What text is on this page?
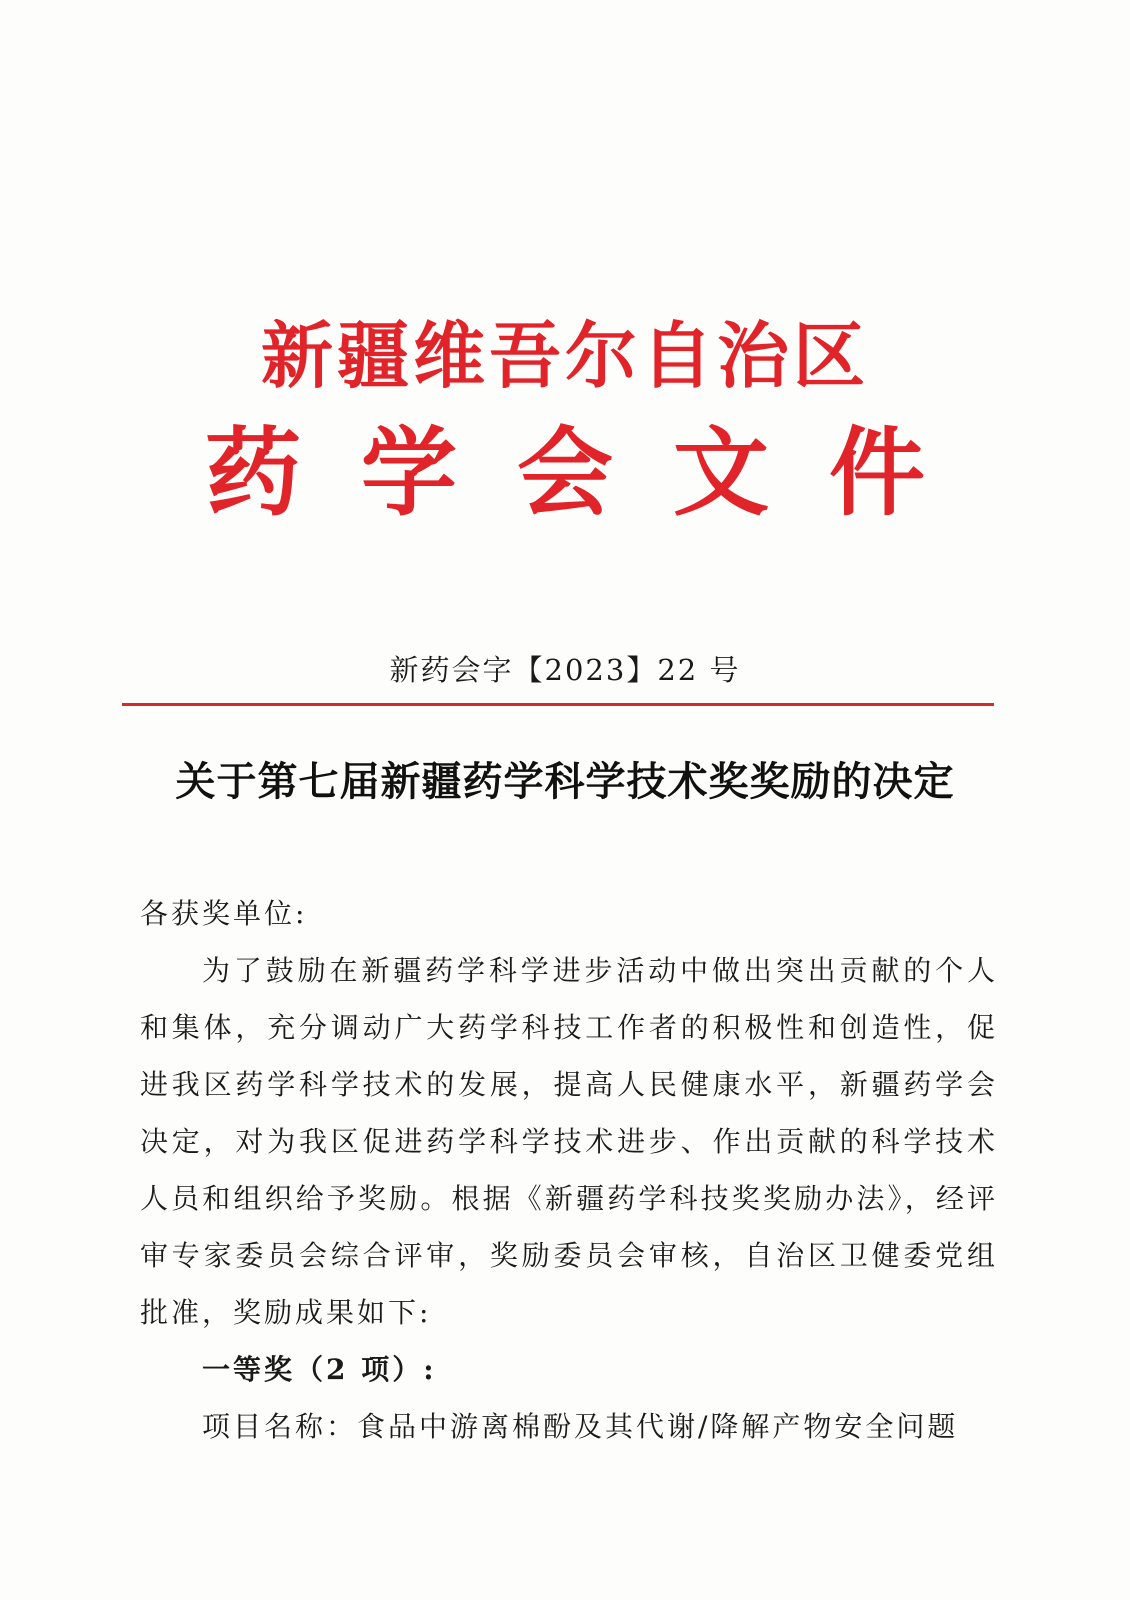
新疆维吾尔自治区
药学会文件
新药会字【2023】22 号
关于第七届新疆药学科学技术奖奖励的决定
各获奖单位:
为了鼓励在新疆药学科学进步活动中做出突出贡献的个人和集体，充分调动广大药学科技工作者的积极性和创造性，促进我区药学科学技术的发展，提高人民健康水平，新疆药学会决定，对为我区促进药学科学技术进步、作出贡献的科学技术人员和组织给予奖励。根据《新疆药学科技奖奖励办法》，经评审专家委员会综合评审，奖励委员会审核，自治区卫健委党组批准，奖励成果如下:
一等奖（2 项）:
项目名称：食品中游离棉酚及其代谢/降解产物安全问题
